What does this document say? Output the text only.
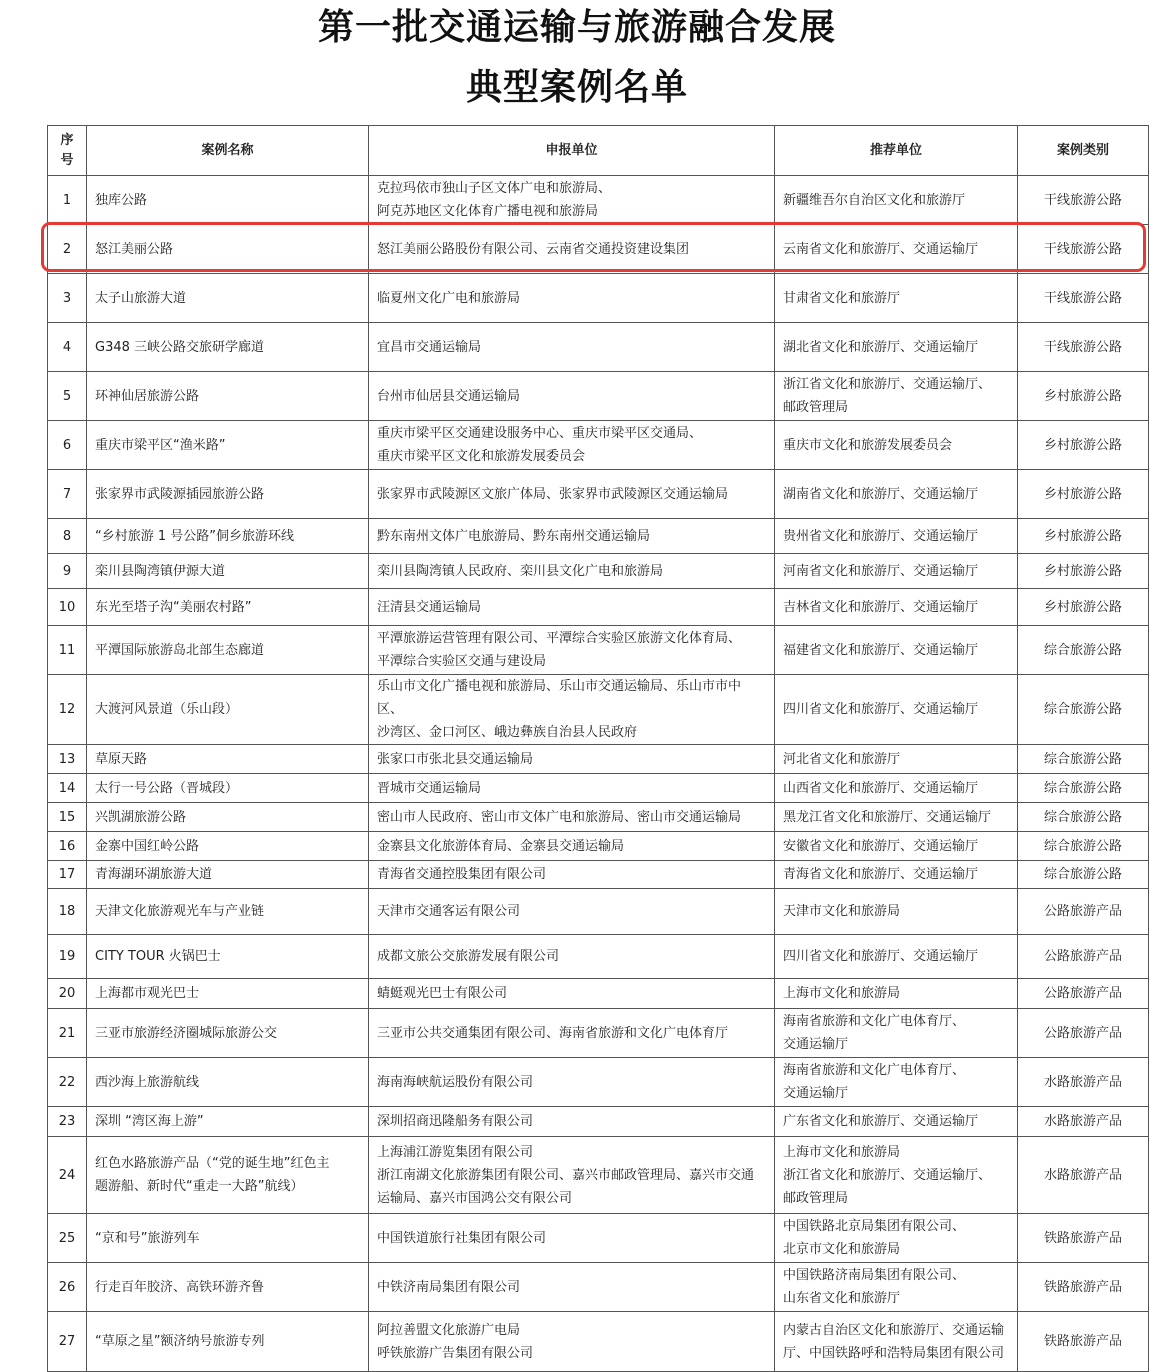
第一批交通运输与旅游融合发展
典型案例名单
序
号	案例名称	申报单位	推荐单位	案例类别
1	独库公路	克拉玛依市独山子区文体广电和旅游局、
阿克苏地区文化体育广播电视和旅游局	新疆维吾尔自治区文化和旅游厅	干线旅游公路
2	怒江美丽公路	怒江美丽公路股份有限公司、云南省交通投资建设集团	云南省文化和旅游厅、交通运输厅	干线旅游公路
3	太子山旅游大道	临夏州文化广电和旅游局	甘肃省文化和旅游厅	干线旅游公路
4	G348 三峡公路交旅研学廊道	宜昌市交通运输局	湖北省文化和旅游厅、交通运输厅	干线旅游公路
5	环神仙居旅游公路	台州市仙居县交通运输局	浙江省文化和旅游厅、交通运输厅、
邮政管理局	乡村旅游公路
6	重庆市梁平区“渔米路”	重庆市梁平区交通建设服务中心、重庆市梁平区交通局、
重庆市梁平区文化和旅游发展委员会	重庆市文化和旅游发展委员会	乡村旅游公路
7	张家界市武陵源插园旅游公路	张家界市武陵源区文旅广体局、张家界市武陵源区交通运输局	湖南省文化和旅游厅、交通运输厅	乡村旅游公路
8	“乡村旅游 1 号公路”侗乡旅游环线	黔东南州文体广电旅游局、黔东南州交通运输局	贵州省文化和旅游厅、交通运输厅	乡村旅游公路
9	栾川县陶湾镇伊源大道	栾川县陶湾镇人民政府、栾川县文化广电和旅游局	河南省文化和旅游厅、交通运输厅	乡村旅游公路
10	东光至塔子沟“美丽农村路”	汪清县交通运输局	吉林省文化和旅游厅、交通运输厅	乡村旅游公路
11	平潭国际旅游岛北部生态廊道	平潭旅游运营管理有限公司、平潭综合实验区旅游文化体育局、
平潭综合实验区交通与建设局	福建省文化和旅游厅、交通运输厅	综合旅游公路
12	大渡河风景道（乐山段）	乐山市文化广播电视和旅游局、乐山市交通运输局、乐山市市中区、
沙湾区、金口河区、峨边彝族自治县人民政府	四川省文化和旅游厅、交通运输厅	综合旅游公路
13	草原天路	张家口市张北县交通运输局	河北省文化和旅游厅	综合旅游公路
14	太行一号公路（晋城段）	晋城市交通运输局	山西省文化和旅游厅、交通运输厅	综合旅游公路
15	兴凯湖旅游公路	密山市人民政府、密山市文体广电和旅游局、密山市交通运输局	黑龙江省文化和旅游厅、交通运输厅	综合旅游公路
16	金寨中国红岭公路	金寨县文化旅游体育局、金寨县交通运输局	安徽省文化和旅游厅、交通运输厅	综合旅游公路
17	青海湖环湖旅游大道	青海省交通控股集团有限公司	青海省文化和旅游厅、交通运输厅	综合旅游公路
18	天津文化旅游观光车与产业链	天津市交通客运有限公司	天津市文化和旅游局	公路旅游产品
19	CITY TOUR 火锅巴士	成都文旅公交旅游发展有限公司	四川省文化和旅游厅、交通运输厅	公路旅游产品
20	上海都市观光巴士	蜻蜓观光巴士有限公司	上海市文化和旅游局	公路旅游产品
21	三亚市旅游经济圈城际旅游公交	三亚市公共交通集团有限公司、海南省旅游和文化广电体育厅	海南省旅游和文化广电体育厅、
交通运输厅	公路旅游产品
22	西沙海上旅游航线	海南海峡航运股份有限公司	海南省旅游和文化广电体育厅、
交通运输厅	水路旅游产品
23	深圳 “湾区海上游”	深圳招商迅隆船务有限公司	广东省文化和旅游厅、交通运输厅	水路旅游产品
24	红色水路旅游产品（“党的诞生地”红色主
题游船、新时代“重走一大路”航线）	上海浦江游览集团有限公司
浙江南湖文化旅游集团有限公司、嘉兴市邮政管理局、嘉兴市交通
运输局、嘉兴市国鸿公交有限公司	上海市文化和旅游局
浙江省文化和旅游厅、交通运输厅、
邮政管理局	水路旅游产品
25	“京和号”旅游列车	中国铁道旅行社集团有限公司	中国铁路北京局集团有限公司、
北京市文化和旅游局	铁路旅游产品
26	行走百年胶济、高铁环游齐鲁	中铁济南局集团有限公司	中国铁路济南局集团有限公司、
山东省文化和旅游厅	铁路旅游产品
27	“草原之星”额济纳号旅游专列	阿拉善盟文化旅游广电局
呼铁旅游广告集团有限公司	内蒙古自治区文化和旅游厅、交通运输
厅、中国铁路呼和浩特局集团有限公司	铁路旅游产品
